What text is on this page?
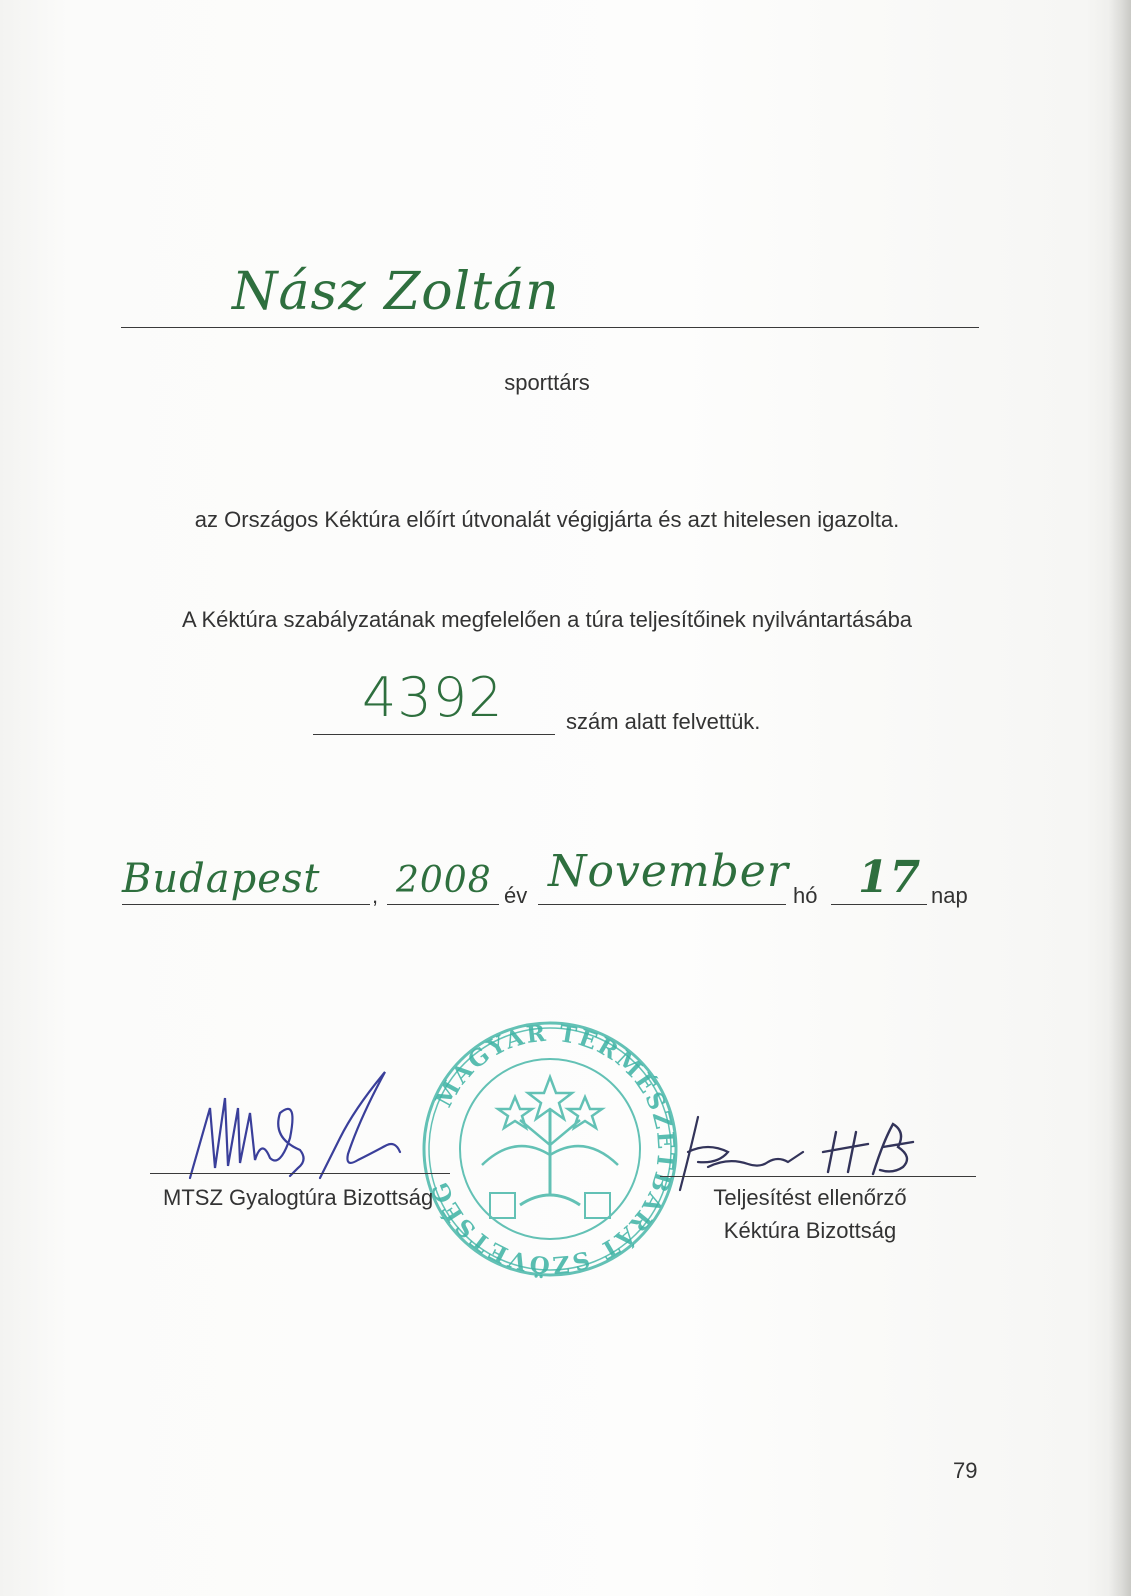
Nász Zoltán
sporttárs
az Országos Kéktúra előírt útvonalát végigjárta és azt hitelesen igazolta.
A Kéktúra szabályzatának megfelelően a túra teljesítőinek nyilvántartásába
4392	szám alatt felvettük.
Budapest , 2008 év November hó 17 nap
MAGYAR TERMÉSZETBARÁT SZÖVETSÉG
MTSZ Gyalogtúra Bizottság	Teljesítést ellenőrző
Kéktúra Bizottság
79
